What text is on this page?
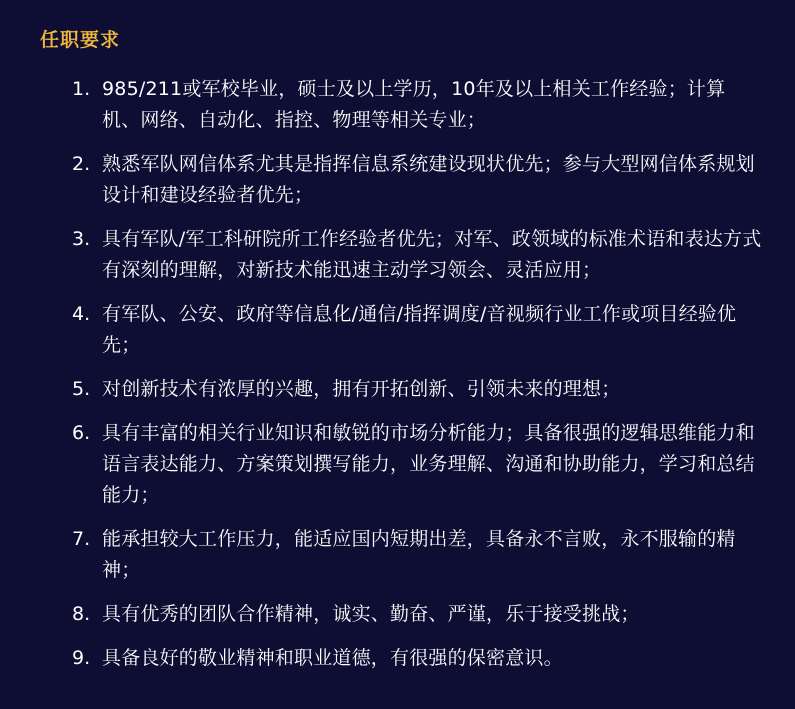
任职要求
1. 985/211或军校毕业，硕士及以上学历，10年及以上相关工作经验；计算机、网络、自动化、指控、物理等相关专业；
2. 熟悉军队网信体系尤其是指挥信息系统建设现状优先；参与大型网信体系规划设计和建设经验者优先；
3. 具有军队/军工科研院所工作经验者优先；对军、政领域的标准术语和表达方式有深刻的理解，对新技术能迅速主动学习领会、灵活应用；
4. 有军队、公安、政府等信息化/通信/指挥调度/音视频行业工作或项目经验优先；
5. 对创新技术有浓厚的兴趣，拥有开拓创新、引领未来的理想；
6. 具有丰富的相关行业知识和敏锐的市场分析能力；具备很强的逻辑思维能力和语言表达能力、方案策划撰写能力，业务理解、沟通和协助能力，学习和总结能力；
7. 能承担较大工作压力，能适应国内短期出差，具备永不言败，永不服输的精神；
8. 具有优秀的团队合作精神，诚实、勤奋、严谨，乐于接受挑战；
9. 具备良好的敬业精神和职业道德，有很强的保密意识。
